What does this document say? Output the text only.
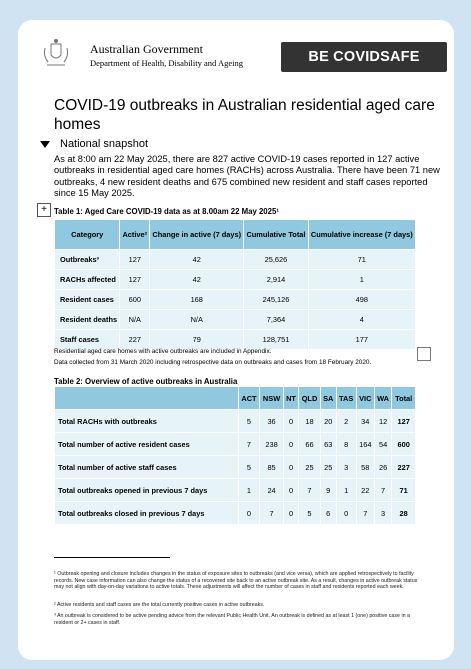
Australian Government
Department of Health, Disability and Ageing	BE COVIDSAFE
COVID-19 outbreaks in Australian residential aged care homes
National snapshot
As at 8:00 am 22 May 2025, there are 827 active COVID-19 cases reported in 127 active outbreaks in residential aged care homes (RACHs) across Australia. There have been 71 new outbreaks, 4 new resident deaths and 675 combined new resident and staff cases reported since 15 May 2025.
+ Table 1: Aged Care COVID-19 data as at 8.00am 22 May 2025¹
Category	Active²	Change in active (7 days)	Cumulative Total	Cumulative increase (7 days)
Outbreaks³	127	42	25,626	71
RACHs affected	127	42	2,914	1
Resident cases	600	168	245,126	498
Resident deaths	N/A	N/A	7,364	4
Staff cases	227	79	128,751	177
Residential aged care homes with active outbreaks are included in Appendix.
Data collected from 31 March 2020 including retrospective data on outbreaks and cases from 18 February 2020.
Table 2: Overview of active outbreaks in Australia
	ACT	NSW	NT	QLD	SA	TAS	VIC	WA	Total
Total RACHs with outbreaks	5	36	0	18	20	2	34	12	127
Total number of active resident cases	7	238	0	66	63	8	164	54	600
Total number of active staff cases	5	85	0	25	25	3	58	26	227
Total outbreaks opened in previous 7 days	1	24	0	7	9	1	22	7	71
Total outbreaks closed in previous 7 days	0	7	0	5	6	0	7	3	28
¹ Outbreak opening and closure includes changes in the status of exposure sites to outbreaks (and vice versa), which are applied retrospectively to facility records. New case information can also change the status of a recovered site back to an active outbreak site. As a result, changes in active outbreak status may not align with day-on-day variations to active totals. These adjustments will affect the number of cases in staff and residents reported each week.
² Active residents and staff cases are the total currently positive cases in active outbreaks.
³ An outbreak is considered to be active pending advice from the relevant Public Health Unit. An outbreak is defined as at least 1 (one) positive case in a resident or 2+ cases in staff.
